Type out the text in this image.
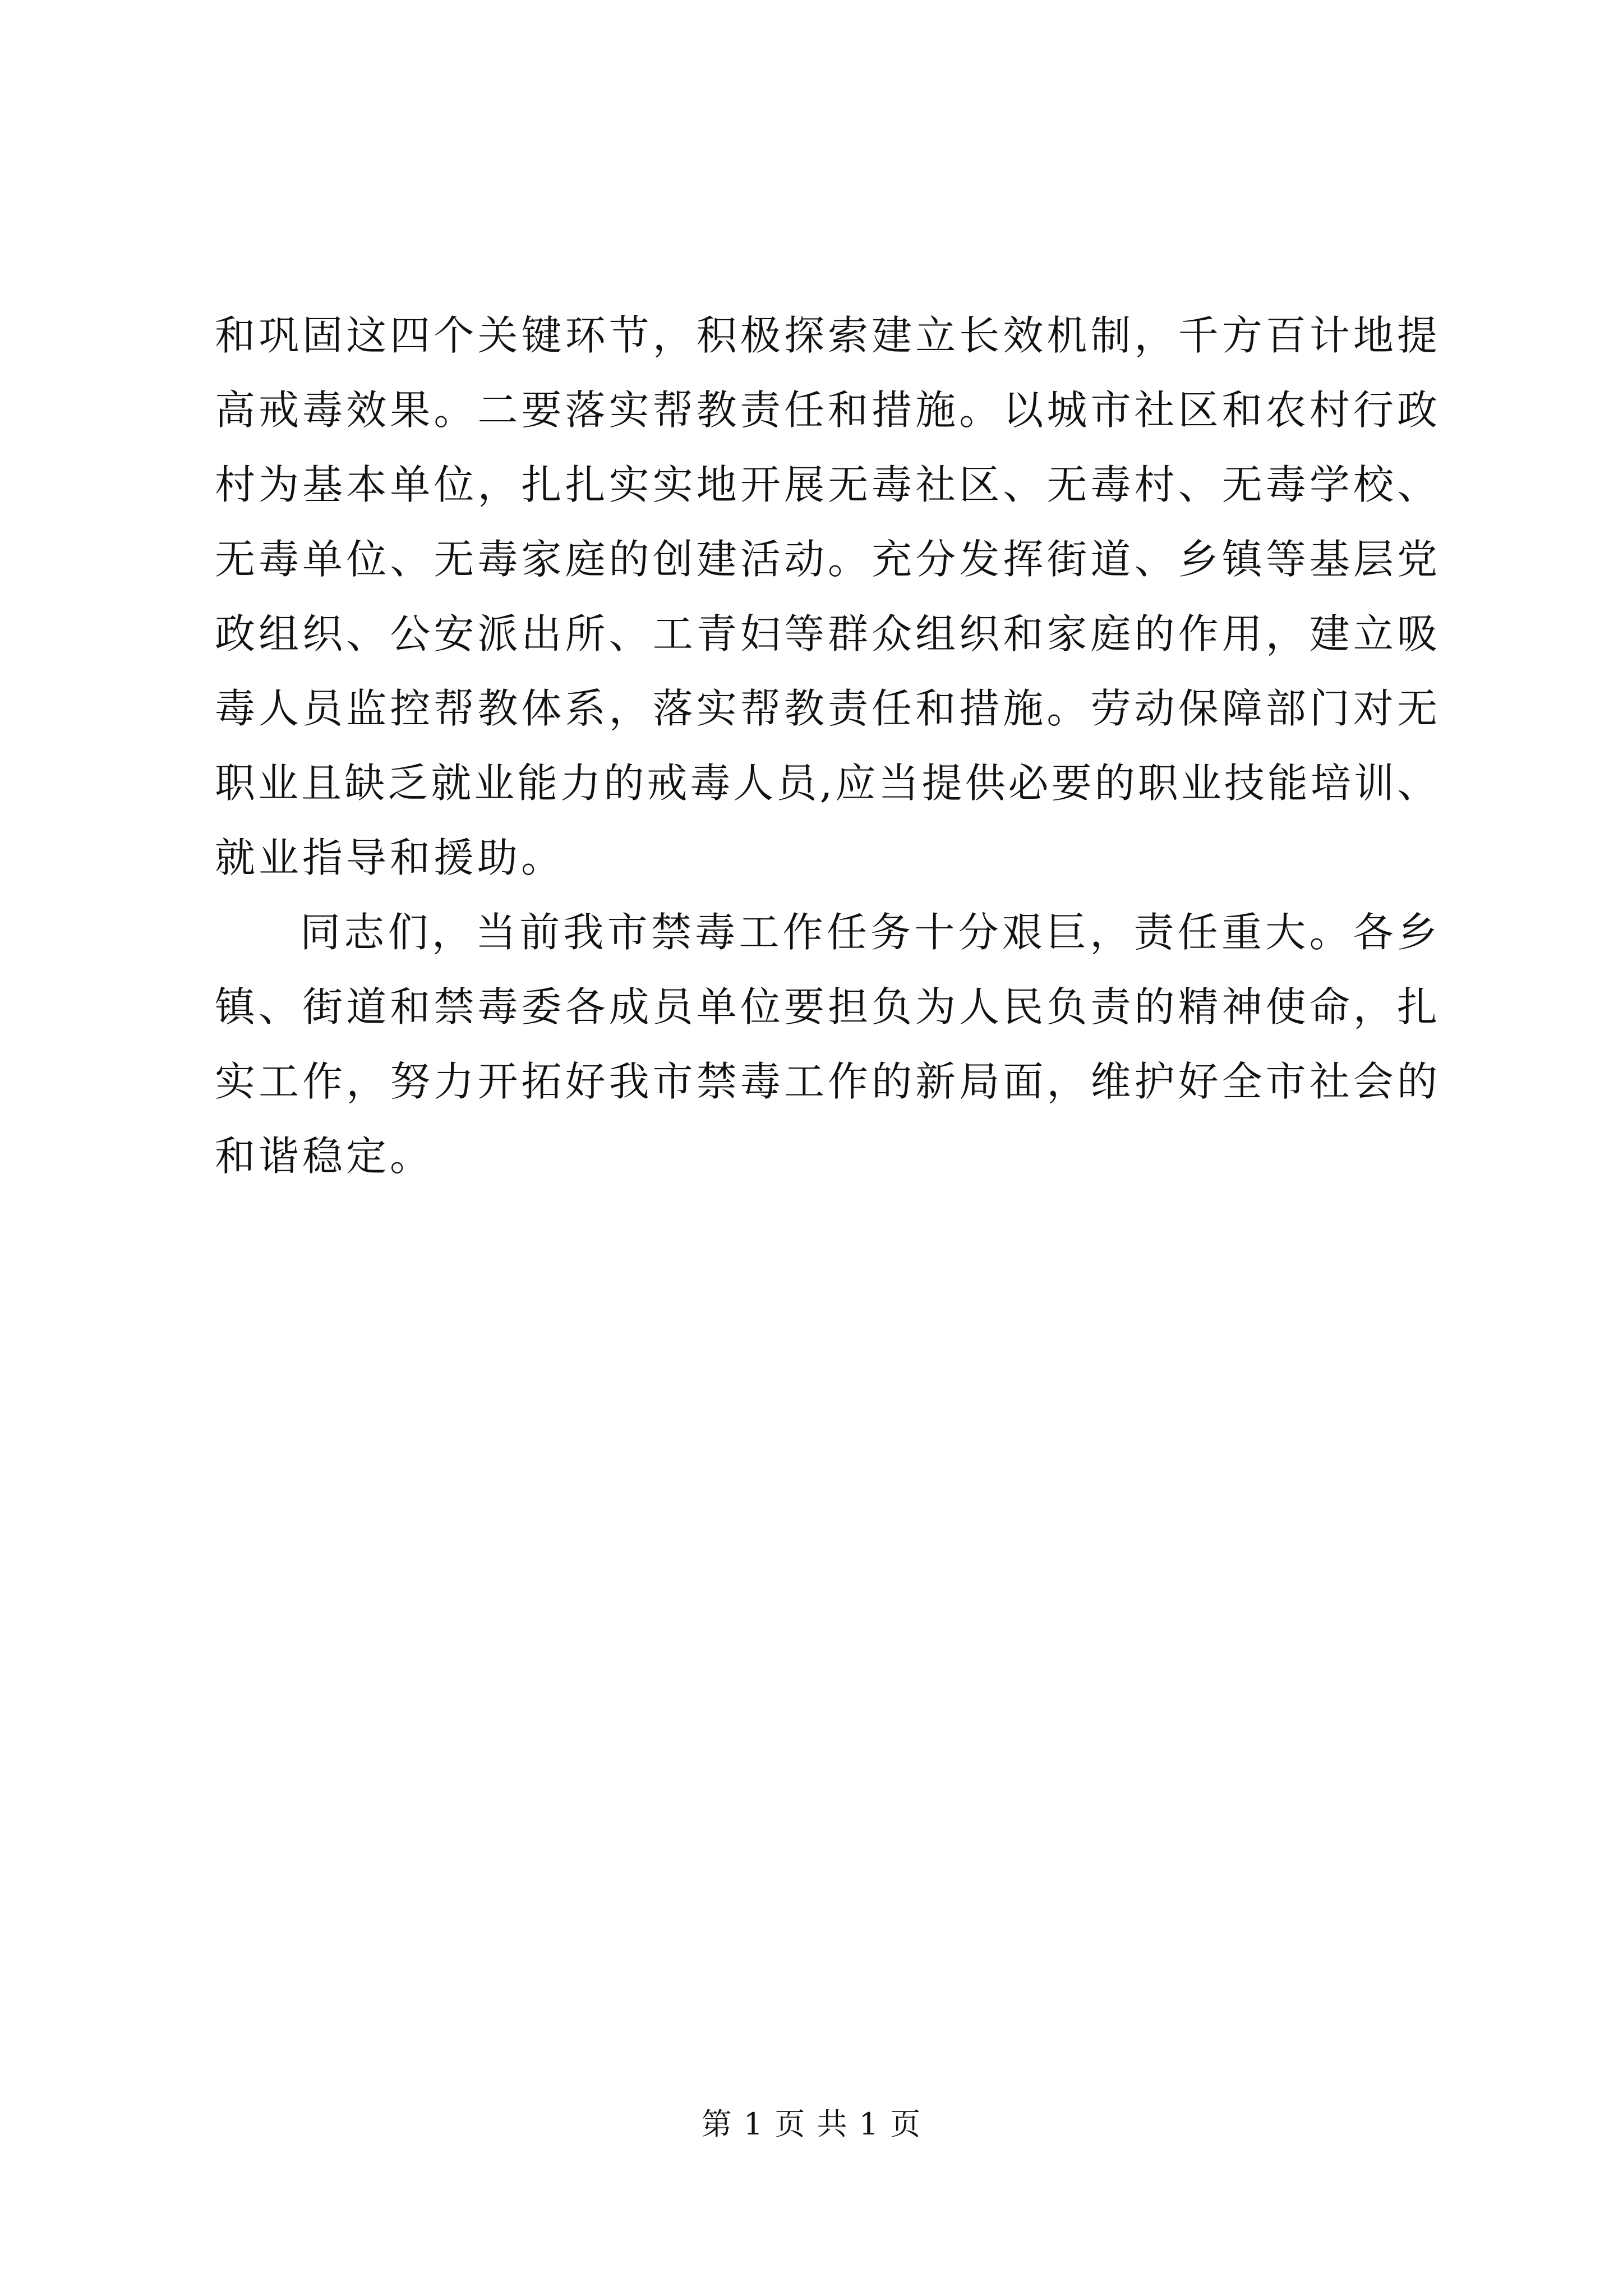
和巩固这四个关键环节，积极探索建立长效机制，千方百计地提
高戒毒效果。二要落实帮教责任和措施。以城市社区和农村行政
村为基本单位，扎扎实实地开展无毒社区、无毒村、无毒学校、
无毒单位、无毒家庭的创建活动。充分发挥街道、乡镇等基层党
政组织、公安派出所、工青妇等群众组织和家庭的作用，建立吸
毒人员监控帮教体系，落实帮教责任和措施。劳动保障部门对无
职业且缺乏就业能力的戒毒人员,应当提供必要的职业技能培训、
就业指导和援助。
同志们，当前我市禁毒工作任务十分艰巨，责任重大。各乡
镇、街道和禁毒委各成员单位要担负为人民负责的精神使命，扎
实工作，努力开拓好我市禁毒工作的新局面，维护好全市社会的
和谐稳定。
第 1 页 共 1 页
